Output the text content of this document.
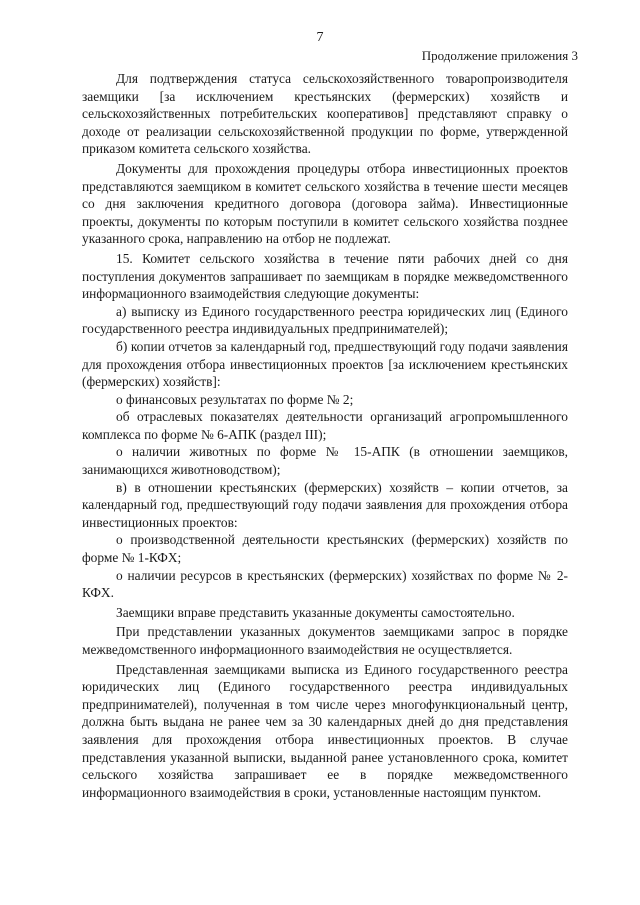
7
Продолжение приложения 3

Для подтверждения статуса сельскохозяйственного товаропроизводителя заемщики [за исключением крестьянских (фермерских) хозяйств и сельскохозяйственных потребительских кооперативов] представляют справку о доходе от реализации сельскохозяйственной продукции по форме, утвержденной приказом комитета сельского хозяйства.

Документы для прохождения процедуры отбора инвестиционных проектов представляются заемщиком в комитет сельского хозяйства в течение шести месяцев со дня заключения кредитного договора (договора займа). Инвестиционные проекты, документы по которым поступили в комитет сельского хозяйства позднее указанного срока, направлению на отбор не подлежат.

15. Комитет сельского хозяйства в течение пяти рабочих дней со дня поступления документов запрашивает по заемщикам в порядке межведомственного информационного взаимодействия следующие документы:

а) выписку из Единого государственного реестра юридических лиц (Единого государственного реестра индивидуальных предпринимателей);

б) копии отчетов за календарный год, предшествующий году подачи заявления для прохождения отбора инвестиционных проектов [за исключением крестьянских (фермерских) хозяйств]:

о финансовых результатах по форме № 2;

об отраслевых показателях деятельности организаций агропромышленного комплекса по форме № 6-АПК (раздел III);

о наличии животных по форме № 15-АПК (в отношении заемщиков, занимающихся животноводством);

в) в отношении крестьянских (фермерских) хозяйств – копии отчетов, за календарный год, предшествующий году подачи заявления для прохождения отбора инвестиционных проектов:

о производственной деятельности крестьянских (фермерских) хозяйств по форме № 1-КФХ;

о наличии ресурсов в крестьянских (фермерских) хозяйствах по форме № 2-КФХ.

Заемщики вправе представить указанные документы самостоятельно.

При представлении указанных документов заемщиками запрос в порядке межведомственного информационного взаимодействия не осуществляется.

Представленная заемщиками выписка из Единого государственного реестра юридических лиц (Единого государственного реестра индивидуальных предпринимателей), полученная в том числе через многофункциональный центр, должна быть выдана не ранее чем за 30 календарных дней до дня представления заявления для прохождения отбора инвестиционных проектов. В случае представления указанной выписки, выданной ранее установленного срока, комитет сельского хозяйства запрашивает ее в порядке межведомственного информационного взаимодействия в сроки, установленные настоящим пунктом.
